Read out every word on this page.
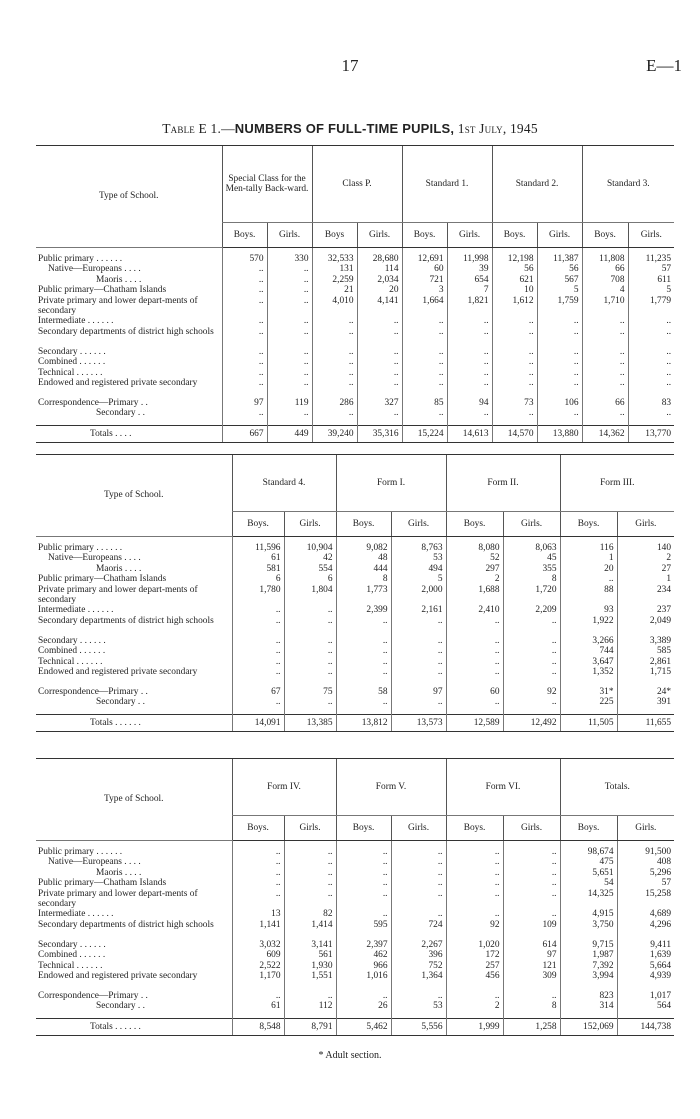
17	E—1
Table E 1.—NUMBERS OF FULL-TIME PUPILS, 1st July, 1945
Type of School.	Special Class for the Men-tally Back-ward.		Class P.		Standard 1.		Standard 2.		Standard 3.	
	Boys.	Girls.	Boys	Girls.	Boys.	Girls.	Boys.	Girls.	Boys.	Girls.

Public primary . . . . . .	570	330	32,533	28,680	12,691	11,998	12,198	11,387	11,808	11,235
Native—Europeans . . . .	..	..	131	114	60	39	56	56	66	57
Maoris . . . .	..	..	2,259	2,034	721	654	621	567	708	611
Public primary—Chatham Islands	..	..	21	20	3	7	10	5	4	5
Private primary and lower depart-ments of secondary	..	..	4,010	4,141	1,664	1,821	1,612	1,759	1,710	1,779
Intermediate . . . . . .	..	..	..	..	..	..	..	..	..	..
Secondary departments of district high schools	..	..	..	..	..	..	..	..	..	..
Secondary . . . . . .	..	..	..	..	..	..	..	..	..	..
Combined . . . . . .	..	..	..	..	..	..	..	..	..	..
Technical . . . . . .	..	..	..	..	..	..	..	..	..	..
Endowed and registered private secondary	..	..	..	..	..	..	..	..	..	..
Correspondence—Primary . .	97	119	286	327	85	94	73	106	66	83
Secondary . .	..	..	..	..	..	..	..	..	..	..

Totals . . . .	667	449	39,240	35,316	15,224	14,613	14,570	13,880	14,362	13,770
Type of School.	Standard 4.		Form I.		Form II.		Form III.	
	Boys.	Girls.	Boys.	Girls.	Boys.	Girls.	Boys.	Girls.

Public primary . . . . . .	11,596	10,904	9,082	8,763	8,080	8,063	116	140
Native—Europeans . . . .	61	42	48	53	52	45	1	2
Maoris . . . .	581	554	444	494	297	355	20	27
Public primary—Chatham Islands	6	6	8	5	2	8	..	1
Private primary and lower depart-ments of secondary	1,780	1,804	1,773	2,000	1,688	1,720	88	234
Intermediate . . . . . .	..	..	2,399	2,161	2,410	2,209	93	237
Secondary departments of district high schools	..	..	..	..	..	..	1,922	2,049
Secondary . . . . . .	..	..	..	..	..	..	3,266	3,389
Combined . . . . . .	..	..	..	..	..	..	744	585
Technical . . . . . .	..	..	..	..	..	..	3,647	2,861
Endowed and registered private secondary	..	..	..	..	..	..	1,352	1,715
Correspondence—Primary . .	67	75	58	97	60	92	31*	24*
Secondary . .	..	..	..	..	..	..	225	391

Totals . . . . . .	14,091	13,385	13,812	13,573	12,589	12,492	11,505	11,655
Type of School.	Form IV.		Form V.		Form VI.		Totals.	
	Boys.	Girls.	Boys.	Girls.	Boys.	Girls.	Boys.	Girls.

Public primary . . . . . .	..	..	..	..	..	..	98,674	91,500
Native—Europeans . . . .	..	..	..	..	..	..	475	408
Maoris . . . .	..	..	..	..	..	..	5,651	5,296
Public primary—Chatham Islands	..	..	..	..	..	..	54	57
Private primary and lower depart-ments of secondary	..	..	..	..	..	..	14,325	15,258
Intermediate . . . . . .	13	82	..	..	..	..	4,915	4,689
Secondary departments of district high schools	1,141	1,414	595	724	92	109	3,750	4,296
Secondary . . . . . .	3,032	3,141	2,397	2,267	1,020	614	9,715	9,411
Combined . . . . . .	609	561	462	396	172	97	1,987	1,639
Technical . . . . . .	2,522	1,930	966	752	257	121	7,392	5,664
Endowed and registered private secondary	1,170	1,551	1,016	1,364	456	309	3,994	4,939
Correspondence—Primary . .	..	..	..	..	..	..	823	1,017
Secondary . .	61	112	26	53	2	8	314	564

Totals . . . . . .	8,548	8,791	5,462	5,556	1,999	1,258	152,069	144,738
* Adult section.
